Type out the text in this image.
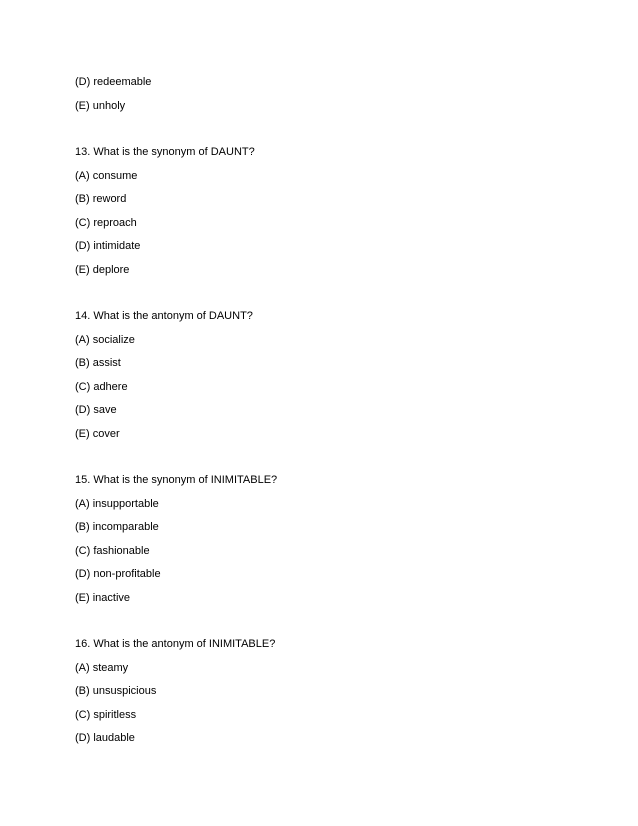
(D) redeemable
(E) unholy
13. What is the synonym of DAUNT?
(A) consume
(B) reword
(C) reproach
(D) intimidate
(E) deplore
14. What is the antonym of DAUNT?
(A) socialize
(B) assist
(C) adhere
(D) save
(E) cover
15. What is the synonym of INIMITABLE?
(A) insupportable
(B) incomparable
(C) fashionable
(D) non-profitable
(E) inactive
16. What is the antonym of INIMITABLE?
(A) steamy
(B) unsuspicious
(C) spiritless
(D) laudable
